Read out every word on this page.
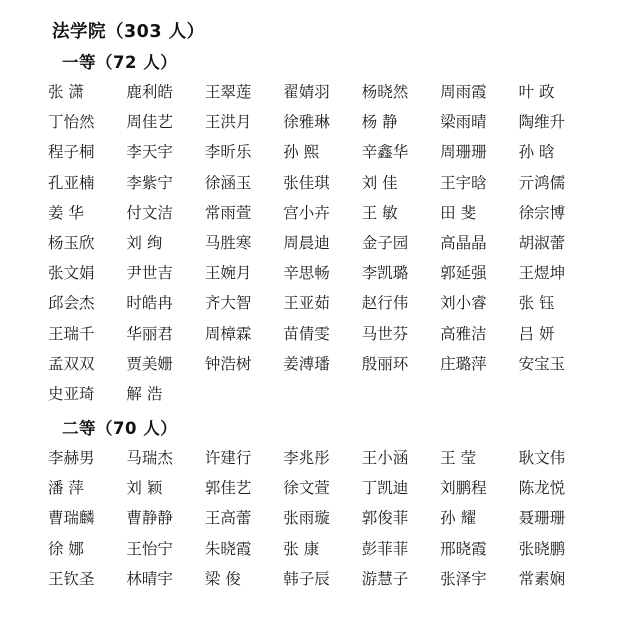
法学院（303 人）
一等（72 人）
张 潇	鹿利皓	王翠莲	翟婧羽	杨晓然	周雨霞	叶 政
丁怡然	周佳艺	王洪月	徐雅琳	杨 静	梁雨晴	陶维升
程子桐	李天宇	李昕乐	孙 熙	辛鑫华	周珊珊	孙 晗
孔亚楠	李紫宁	徐涵玉	张佳琪	刘 佳	王宇晗	亓鸿儒
姜 华	付文洁	常雨萱	宫小卉	王 敏	田 斐	徐宗博
杨玉欣	刘 绚	马胜寒	周晨迪	金子园	高晶晶	胡淑蕾
张文娟	尹世吉	王婉月	辛思畅	李凯璐	郭延强	王煜坤
邱会杰	时皓冉	齐大智	王亚茹	赵行伟	刘小睿	张 钰
王瑞千	华丽君	周樟霖	苗倩雯	马世芬	高雅洁	吕 妍
孟双双	贾美姗	钟浩树	姜溥璠	殷丽环	庄璐萍	安宝玉
史亚琦	解 浩
二等（70 人）
李赫男	马瑞杰	许建行	李兆彤	王小涵	王 莹	耿文伟
潘 萍	刘 颖	郭佳艺	徐文萱	丁凯迪	刘鹏程	陈龙悦
曹瑞麟	曹静静	王高蕾	张雨璇	郭俊菲	孙 耀	聂珊珊
徐 娜	王怡宁	朱晓霞	张 康	彭菲菲	邢晓霞	张晓鹏
王钦圣	林晴宇	梁 俊	韩子辰	游慧子	张泽宇	常素娴
